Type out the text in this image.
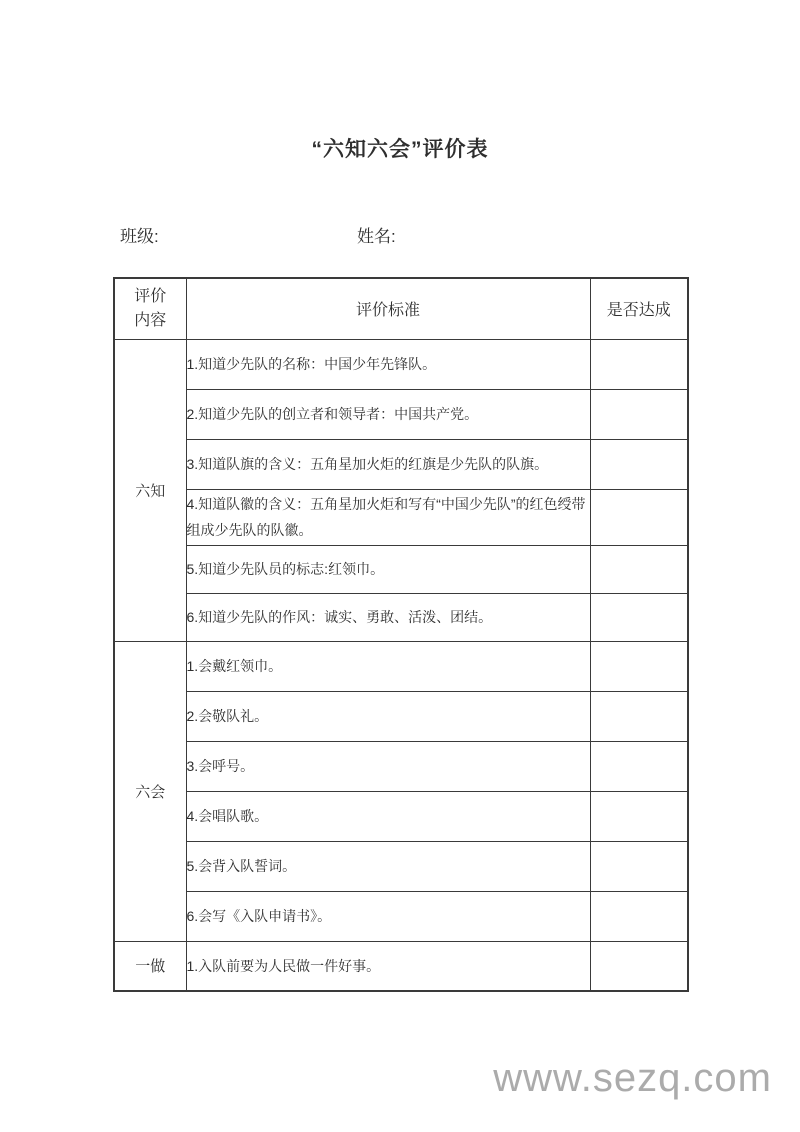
“六知六会”评价表
班级:	姓名:
评价
内容	评价标准	是否达成
六知	1.知道少先队的名称：中国少年先锋队。	
	2.知道少先队的创立者和领导者：中国共产党。	
	3.知道队旗的含义：五角星加火炬的红旗是少先队的队旗。	
	4.知道队徽的含义：五角星加火炬和写有“中国少先队”的红色绶带组成少先队的队徽。	
	5.知道少先队员的标志:红领巾。	
	6.知道少先队的作风：诚实、勇敢、活泼、团结。	
六会	1.会戴红领巾。	
	2.会敬队礼。	
	3.会呼号。	
	4.会唱队歌。	
	5.会背入队誓词。	
	6.会写《入队申请书》。	
一做	1.入队前要为人民做一件好事。	
www.sezq.com
